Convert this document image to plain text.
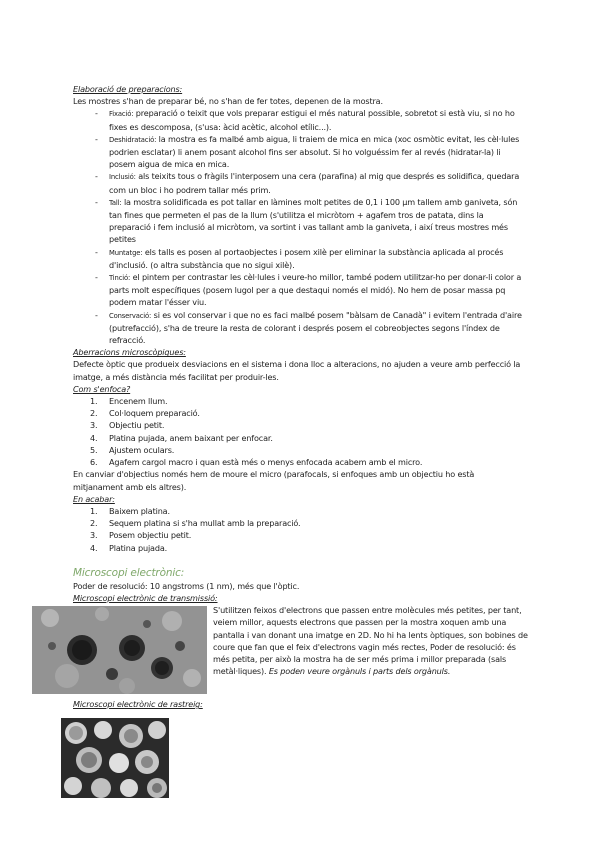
Elaboració de preparacions:

Les mostres s'han de preparar bé, no s'han de fer totes, depenen de la mostra.

- Fixació: preparació o teixit que vols preparar estigui el més natural possible, sobretot si està viu, si no ho fixes es descomposa, (s'usa: àcid acètic, alcohol etílic...).
- Deshidratació: la mostra es fa malbé amb aigua, li traiem de mica en mica (xoc osmòtic evitat, les cèl·lules podrien esclatar) li anem posant alcohol fins ser absolut. Si ho volguéssim fer al revés (hidratar-la) li posem aigua de mica en mica.
- Inclusió: als teixits tous o fràgils l'interposem una cera (parafina) al mig que després es solidifica, quedara com un bloc i ho podrem tallar més prim.
- Tall: la mostra solidificada es pot tallar en làmines molt petites de 0,1 i 100 µm tallem amb ganiveta, són tan fines que permeten el pas de la llum (s'utilitza el micròtom + agafem tros de patata, dins la preparació i fem inclusió al micròtom, va sortint i vas tallant amb la ganiveta, i així treus mostres més petites
- Muntatge: els talls es posen al portaobjectes i posem xilè per eliminar la substància aplicada al procés d'inclusió. (o altra substància que no sigui xilè).
- Tinció: el pintem per contrastar les cèl·lules i veure-ho millor, també podem utilitzar-ho per donar-li color a parts molt específiques (posem lugol per a que destaqui només el midó). No hem de posar massa pq podem matar l'ésser viu.
- Conservació: si es vol conservar i que no es faci malbé posem "bàlsam de Canadà" i evitem l'entrada d'aire (putrefacció), s'ha de treure la resta de colorant i després posem el cobreobjectes segons l'índex de refracció.
Aberracions microscòpiques:

Defecte òptic que produeix desviacions en el sistema i dona lloc a alteracions, no ajuden a veure amb perfecció la imatge, a més distància més facilitat per produir-les.

Com s'enfoca?
1. Encenem llum.
2. Col·loquem preparació.
3. Objectiu petit.
4. Platina pujada, anem baixant per enfocar.
5. Ajustem oculars.
6. Agafem cargol macro i quan està més o menys enfocada acabem amb el micro.

En canviar d'objectius només hem de moure el micro (parafocals, si enfoques amb un objectiu ho està mitjanament amb els altres).

En acabar:
1. Baixem platina.
2. Sequem platina si s'ha mullat amb la preparació.
3. Posem objectiu petit.
4. Platina pujada.
Microscopi electrònic:

Poder de resolució: 10 angstroms (1 nm), més que l'òptic.

Microscopi electrònic de transmissió:
S'utilitzen feixos d'electrons que passen entre molècules més petites, per tant, veiem millor, aquests electrons que passen per la mostra xoquen amb una pantalla i van donant una imatge en 2D. No hi ha lents òptiques, son bobines de coure que fan que el feix d'electrons vagin més rectes, Poder de resolució: és més petita, per això la mostra ha de ser més prima i millor preparada (sals metàl·liques). Es poden veure orgànuls i parts dels orgànuls.
Microscopi electrònic de rastreig:
